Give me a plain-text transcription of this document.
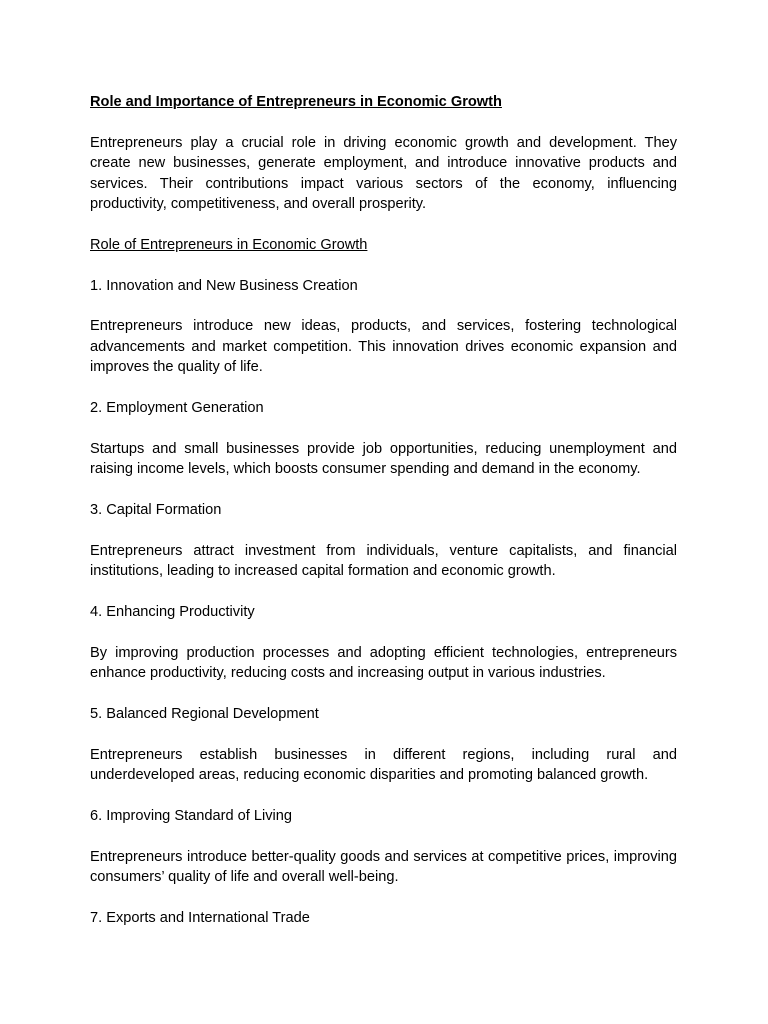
Role and Importance of Entrepreneurs in Economic Growth

Entrepreneurs play a crucial role in driving economic growth and development. They create new businesses, generate employment, and introduce innovative products and services. Their contributions impact various sectors of the economy, influencing productivity, competitiveness, and overall prosperity.

Role of Entrepreneurs in Economic Growth

1. Innovation and New Business Creation

Entrepreneurs introduce new ideas, products, and services, fostering technological advancements and market competition. This innovation drives economic expansion and improves the quality of life.

2. Employment Generation

Startups and small businesses provide job opportunities, reducing unemployment and raising income levels, which boosts consumer spending and demand in the economy.

3. Capital Formation

Entrepreneurs attract investment from individuals, venture capitalists, and financial institutions, leading to increased capital formation and economic growth.

4. Enhancing Productivity

By improving production processes and adopting efficient technologies, entrepreneurs enhance productivity, reducing costs and increasing output in various industries.

5. Balanced Regional Development

Entrepreneurs establish businesses in different regions, including rural and underdeveloped areas, reducing economic disparities and promoting balanced growth.

6. Improving Standard of Living

Entrepreneurs introduce better-quality goods and services at competitive prices, improving consumers’ quality of life and overall well-being.

7. Exports and International Trade
